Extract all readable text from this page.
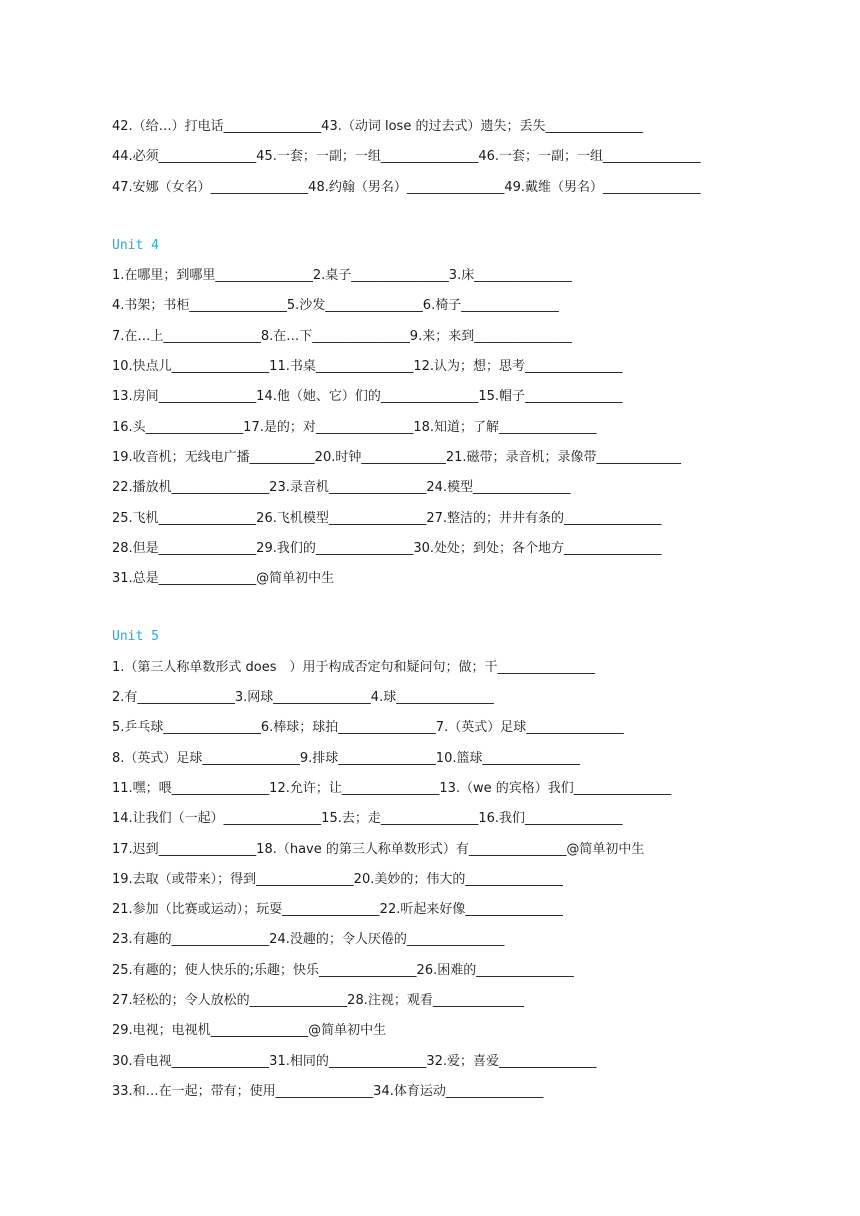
42.（给…）打电话_______________43.（动词 lose 的过去式）遗失；丢失_______________
44.必须_______________45.一套；一副；一组_______________46.一套；一副；一组_______________
47.安娜（女名）_______________48.约翰（男名）_______________49.戴维（男名）_______________
Unit 4
1.在哪里；到哪里_______________2.桌子_______________3.床_______________
4.书架；书柜_______________5.沙发_______________6.椅子_______________
7.在…上_______________8.在…下_______________9.来；来到_______________
10.快点儿_______________11.书桌_______________12.认为；想；思考_______________
13.房间_______________14.他（她、它）们的_______________15.帽子_______________
16.头_______________17.是的；对_______________18.知道；了解_______________
19.收音机；无线电广播__________20.时钟_____________21.磁带；录音机；录像带_____________
22.播放机_______________23.录音机_______________24.模型_______________
25.飞机_______________26.飞机模型_______________27.整洁的；井井有条的_______________
28.但是_______________29.我们的_______________30.处处；到处；各个地方_______________
31.总是_______________@简单初中生
Unit 5
1.（第三人称单数形式 does　）用于构成否定句和疑问句；做；干_______________
2.有_______________3.网球_______________4.球_______________
5.乒乓球_______________6.棒球；球拍_______________7.（英式）足球_______________
8.（英式）足球_______________9.排球_______________10.篮球_______________
11.嘿；喂_______________12.允许；让_______________13.（we 的宾格）我们_______________
14.让我们（一起）_______________15.去；走_______________16.我们_______________
17.迟到_______________18.（have 的第三人称单数形式）有_______________@简单初中生
19.去取（或带来）；得到_______________20.美妙的；伟大的_______________
21.参加（比赛或运动）；玩耍_______________22.听起来好像_______________
23.有趣的_______________24.没趣的；令人厌倦的_______________
25.有趣的；使人快乐的;乐趣；快乐_______________26.困难的_______________
27.轻松的；令人放松的_______________28.注视；观看______________
29.电视；电视机_______________@简单初中生
30.看电视_______________31.相同的_______________32.爱；喜爱_______________
33.和…在一起；带有；使用_______________34.体育运动_______________
